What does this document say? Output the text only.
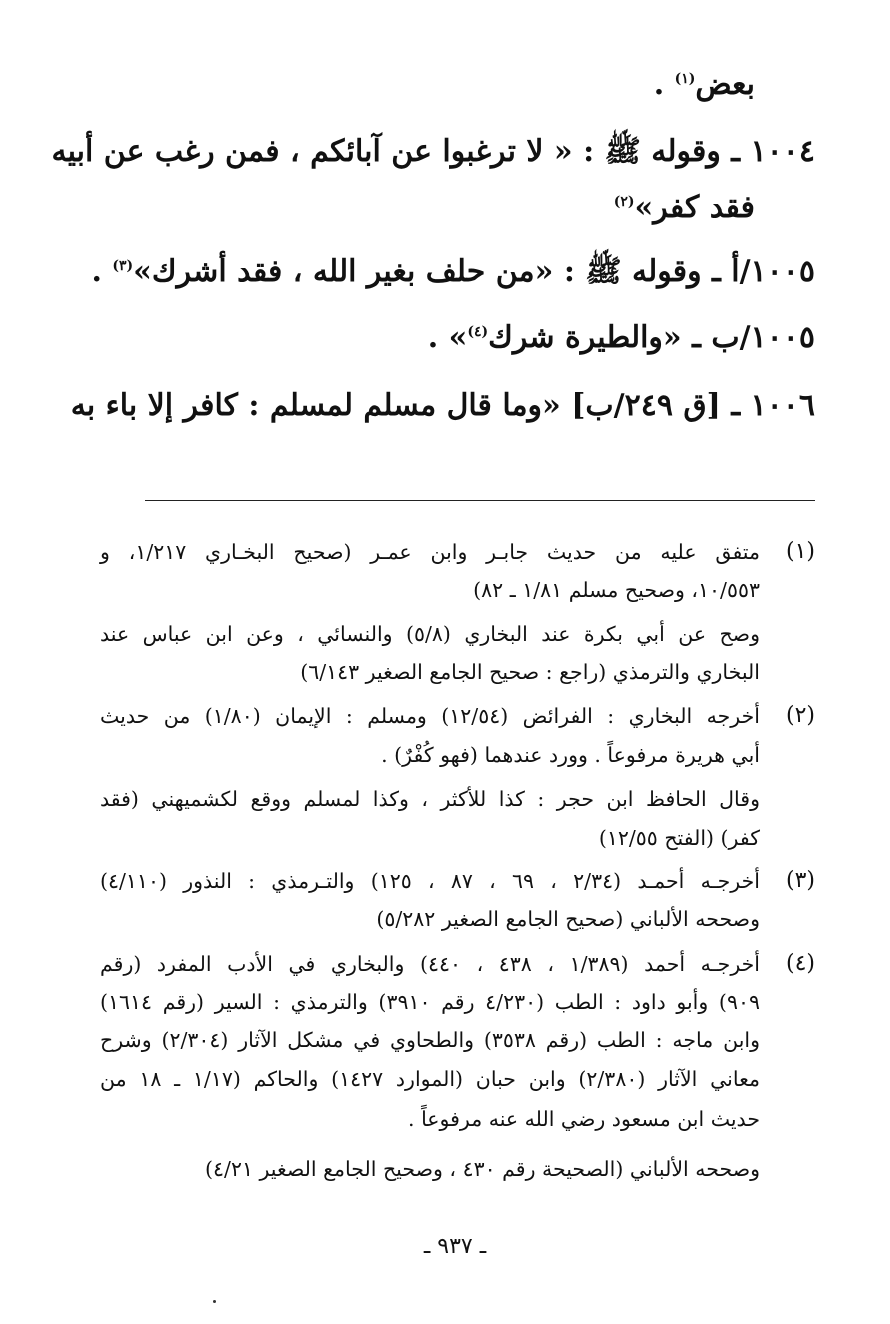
بعض$^{(١)}$ .
١٠٠٤ ـ وقوله ﷺ : « لا ترغبوا عن آبائكم ، فمن رغب عن أبيه
فقد كفر»$^{(٢)}$
١٠٠٥/أ ـ وقوله ﷺ : «من حلف بغير الله ، فقد أشرك»$^{(٣)}$ .
١٠٠٥/ب ـ «والطيرة شرك$^{(٤)}$» .
١٠٠٦ ـ [ق ٢٤٩/ب] «وما قال مسلم لمسلم : كافر إلا باء به
(١)
متفق عليه من حديث جابـر وابن عمـر (صحيح البخـاري ١/٢١٧، و
١٠/٥٥٣، وصحيح مسلم ١/٨١ ـ ٨٢)
وصح عن أبي بكرة عند البخاري (٥/٨) والنسائي ، وعن ابن عباس عند
البخاري والترمذي (راجع : صحيح الجامع الصغير ٦/١٤٣)
(٢)
أخرجه البخاري : الفرائض (١٢/٥٤) ومسلم : الإيمان (١/٨٠) من حديث
أبي هريرة مرفوعاً . وورد عندهما (فهو كُفْرٌ) .
وقال الحافظ ابن حجر : كذا للأكثر ، وكذا لمسلم ووقع لكشميهني (فقد
كفر) (الفتح ١٢/٥٥)
(٣)
أخرجـه أحمـد (٢/٣٤ ، ٦٩ ، ٨٧ ، ١٢٥) والتـرمذي : النذور (٤/١١٠)
وصححه الألباني (صحيح الجامع الصغير ٥/٢٨٢)
(٤)
أخرجـه أحمد (١/٣٨٩ ، ٤٣٨ ، ٤٤٠) والبخاري في الأدب المفرد (رقم
٩٠٩) وأبو داود : الطب (٤/٢٣٠ رقم ٣٩١٠) والترمذي : السير (رقم ١٦١٤)
وابن ماجه : الطب (رقم ٣٥٣٨) والطحاوي في مشكل الآثار (٢/٣٠٤) وشرح
معاني الآثار (٢/٣٨٠) وابن حبان (الموارد ١٤٢٧) والحاكم (١/١٧ ـ ١٨ من
حديث ابن مسعود رضي الله عنه مرفوعاً .
وصححه الألباني (الصحيحة رقم ٤٣٠ ، وصحيح الجامع الصغير ٤/٢١)
ـ ٩٣٧ ـ
